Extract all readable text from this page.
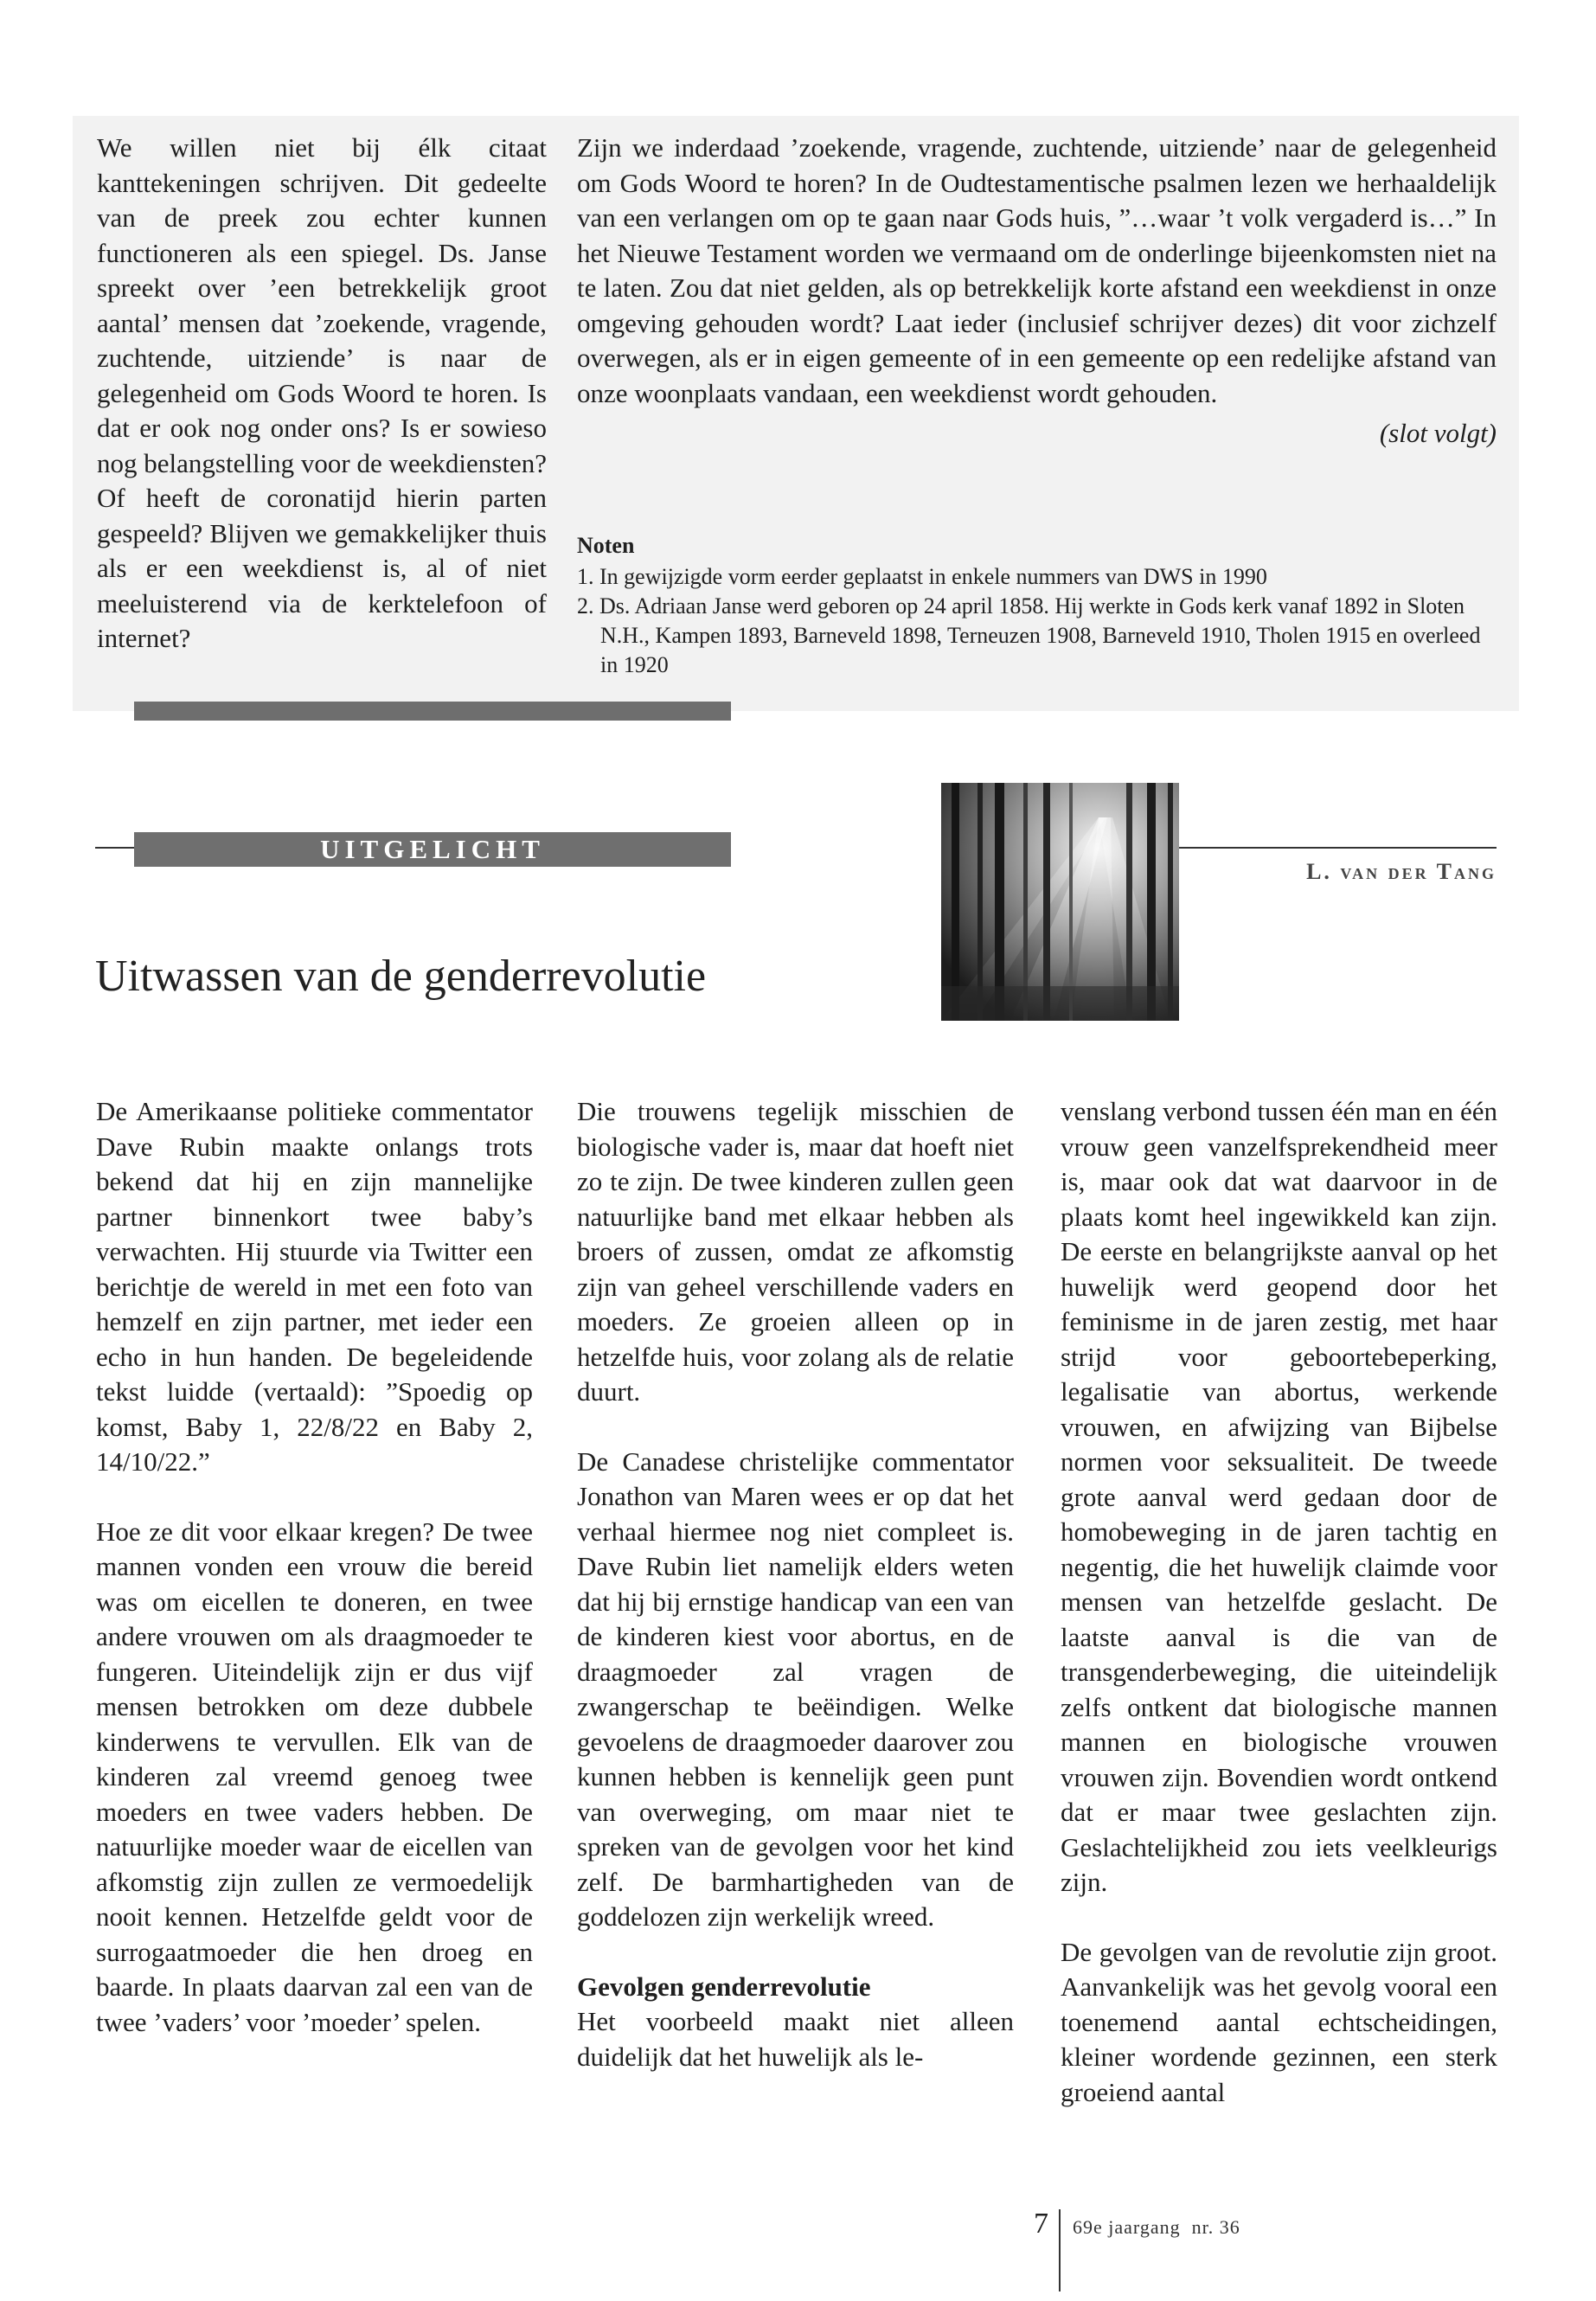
We willen niet bij élk citaat kanttekeningen schrijven. Dit gedeelte van de preek zou echter kunnen functioneren als een spiegel. Ds. Janse spreekt over ’een betrekkelijk groot aantal’ mensen dat ’zoekende, vragende, zuchtende, uitziende’ is naar de gelegenheid om Gods Woord te horen. Is dat er ook nog onder ons? Is er sowieso nog belangstelling voor de weekdiensten? Of heeft de coronatijd hierin parten gespeeld? Blijven we gemakkelijker thuis als er een weekdienst is, al of niet meeluisterend via de kerktelefoon of internet?

Zijn we inderdaad ’zoekende, vragende, zuchtende, uitziende’ naar de gelegenheid om Gods Woord te horen? In de Oudtestamentische psalmen lezen we herhaaldelijk van een verlangen om op te gaan naar Gods huis, ”…waar ’t volk vergaderd is…” In het Nieuwe Testament worden we vermaand om de onderlinge bijeenkomsten niet na te laten. Zou dat niet gelden, als op betrekkelijk korte afstand een weekdienst in onze omgeving gehouden wordt? Laat ieder (inclusief schrijver dezes) dit voor zichzelf overwegen, als er in eigen gemeente of in een gemeente op een redelijke afstand van onze woonplaats vandaan, een weekdienst wordt gehouden.

(slot volgt)

Noten
1. In gewijzigde vorm eerder geplaatst in enkele nummers van DWS in 1990
2. Ds. Adriaan Janse werd geboren op 24 april 1858. Hij werkte in Gods kerk vanaf 1892 in Sloten N.H., Kampen 1893, Barneveld 1898, Terneuzen 1908, Barneveld 1910, Tholen 1915 en overleed in 1920
UITGELICHT
L. van der Tang
Uitwassen van de genderrevolutie

De Amerikaanse politieke commentator Dave Rubin maakte onlangs trots bekend dat hij en zijn mannelijke partner binnenkort twee baby’s verwachten. Hij stuurde via Twitter een berichtje de wereld in met een foto van hemzelf en zijn partner, met ieder een echo in hun handen. De begeleidende tekst luidde (vertaald): ”Spoedig op komst, Baby 1, 22/8/22 en Baby 2, 14/10/22.”

Hoe ze dit voor elkaar kregen? De twee mannen vonden een vrouw die bereid was om eicellen te doneren, en twee andere vrouwen om als draagmoeder te fungeren. Uiteindelijk zijn er dus vijf mensen betrokken om deze dubbele kinderwens te vervullen. Elk van de kinderen zal vreemd genoeg twee moeders en twee vaders hebben. De natuurlijke moeder waar de eicellen van afkomstig zijn zullen ze vermoedelijk nooit kennen. Hetzelfde geldt voor de surrogaatmoeder die hen droeg en baarde. In plaats daarvan zal een van de twee ’vaders’ voor ’moeder’ spelen.

Die trouwens tegelijk misschien de biologische vader is, maar dat hoeft niet zo te zijn. De twee kinderen zullen geen natuurlijke band met elkaar hebben als broers of zussen, omdat ze afkomstig zijn van geheel verschillende vaders en moeders. Ze groeien alleen op in hetzelfde huis, voor zolang als de relatie duurt.

De Canadese christelijke commentator Jonathon van Maren wees er op dat het verhaal hiermee nog niet compleet is. Dave Rubin liet namelijk elders weten dat hij bij ernstige handicap van een van de kinderen kiest voor abortus, en de draagmoeder zal vragen de zwangerschap te beëindigen. Welke gevoelens de draagmoeder daarover zou kunnen hebben is kennelijk geen punt van overweging, om maar niet te spreken van de gevolgen voor het kind zelf. De barmhartigheden van de goddelozen zijn werkelijk wreed.

Gevolgen genderrevolutie
Het voorbeeld maakt niet alleen duidelijk dat het huwelijk als le-

venslang verbond tussen één man en één vrouw geen vanzelfsprekendheid meer is, maar ook dat wat daarvoor in de plaats komt heel ingewikkeld kan zijn. De eerste en belangrijkste aanval op het huwelijk werd geopend door het feminisme in de jaren zestig, met haar strijd voor geboortebeperking, legalisatie van abortus, werkende vrouwen, en afwijzing van Bijbelse normen voor seksualiteit. De tweede grote aanval werd gedaan door de homobeweging in de jaren tachtig en negentig, die het huwelijk claimde voor mensen van hetzelfde geslacht. De laatste aanval is die van de transgenderbeweging, die uiteindelijk zelfs ontkent dat biologische mannen mannen en biologische vrouwen vrouwen zijn. Bovendien wordt ontkend dat er maar twee geslachten zijn. Geslachtelijkheid zou iets veelkleurigs zijn.

De gevolgen van de revolutie zijn groot. Aanvankelijk was het gevolg vooral een toenemend aantal echtscheidingen, kleiner wordende gezinnen, een sterk groeiend aantal

7 69e jaargang  nr. 36
